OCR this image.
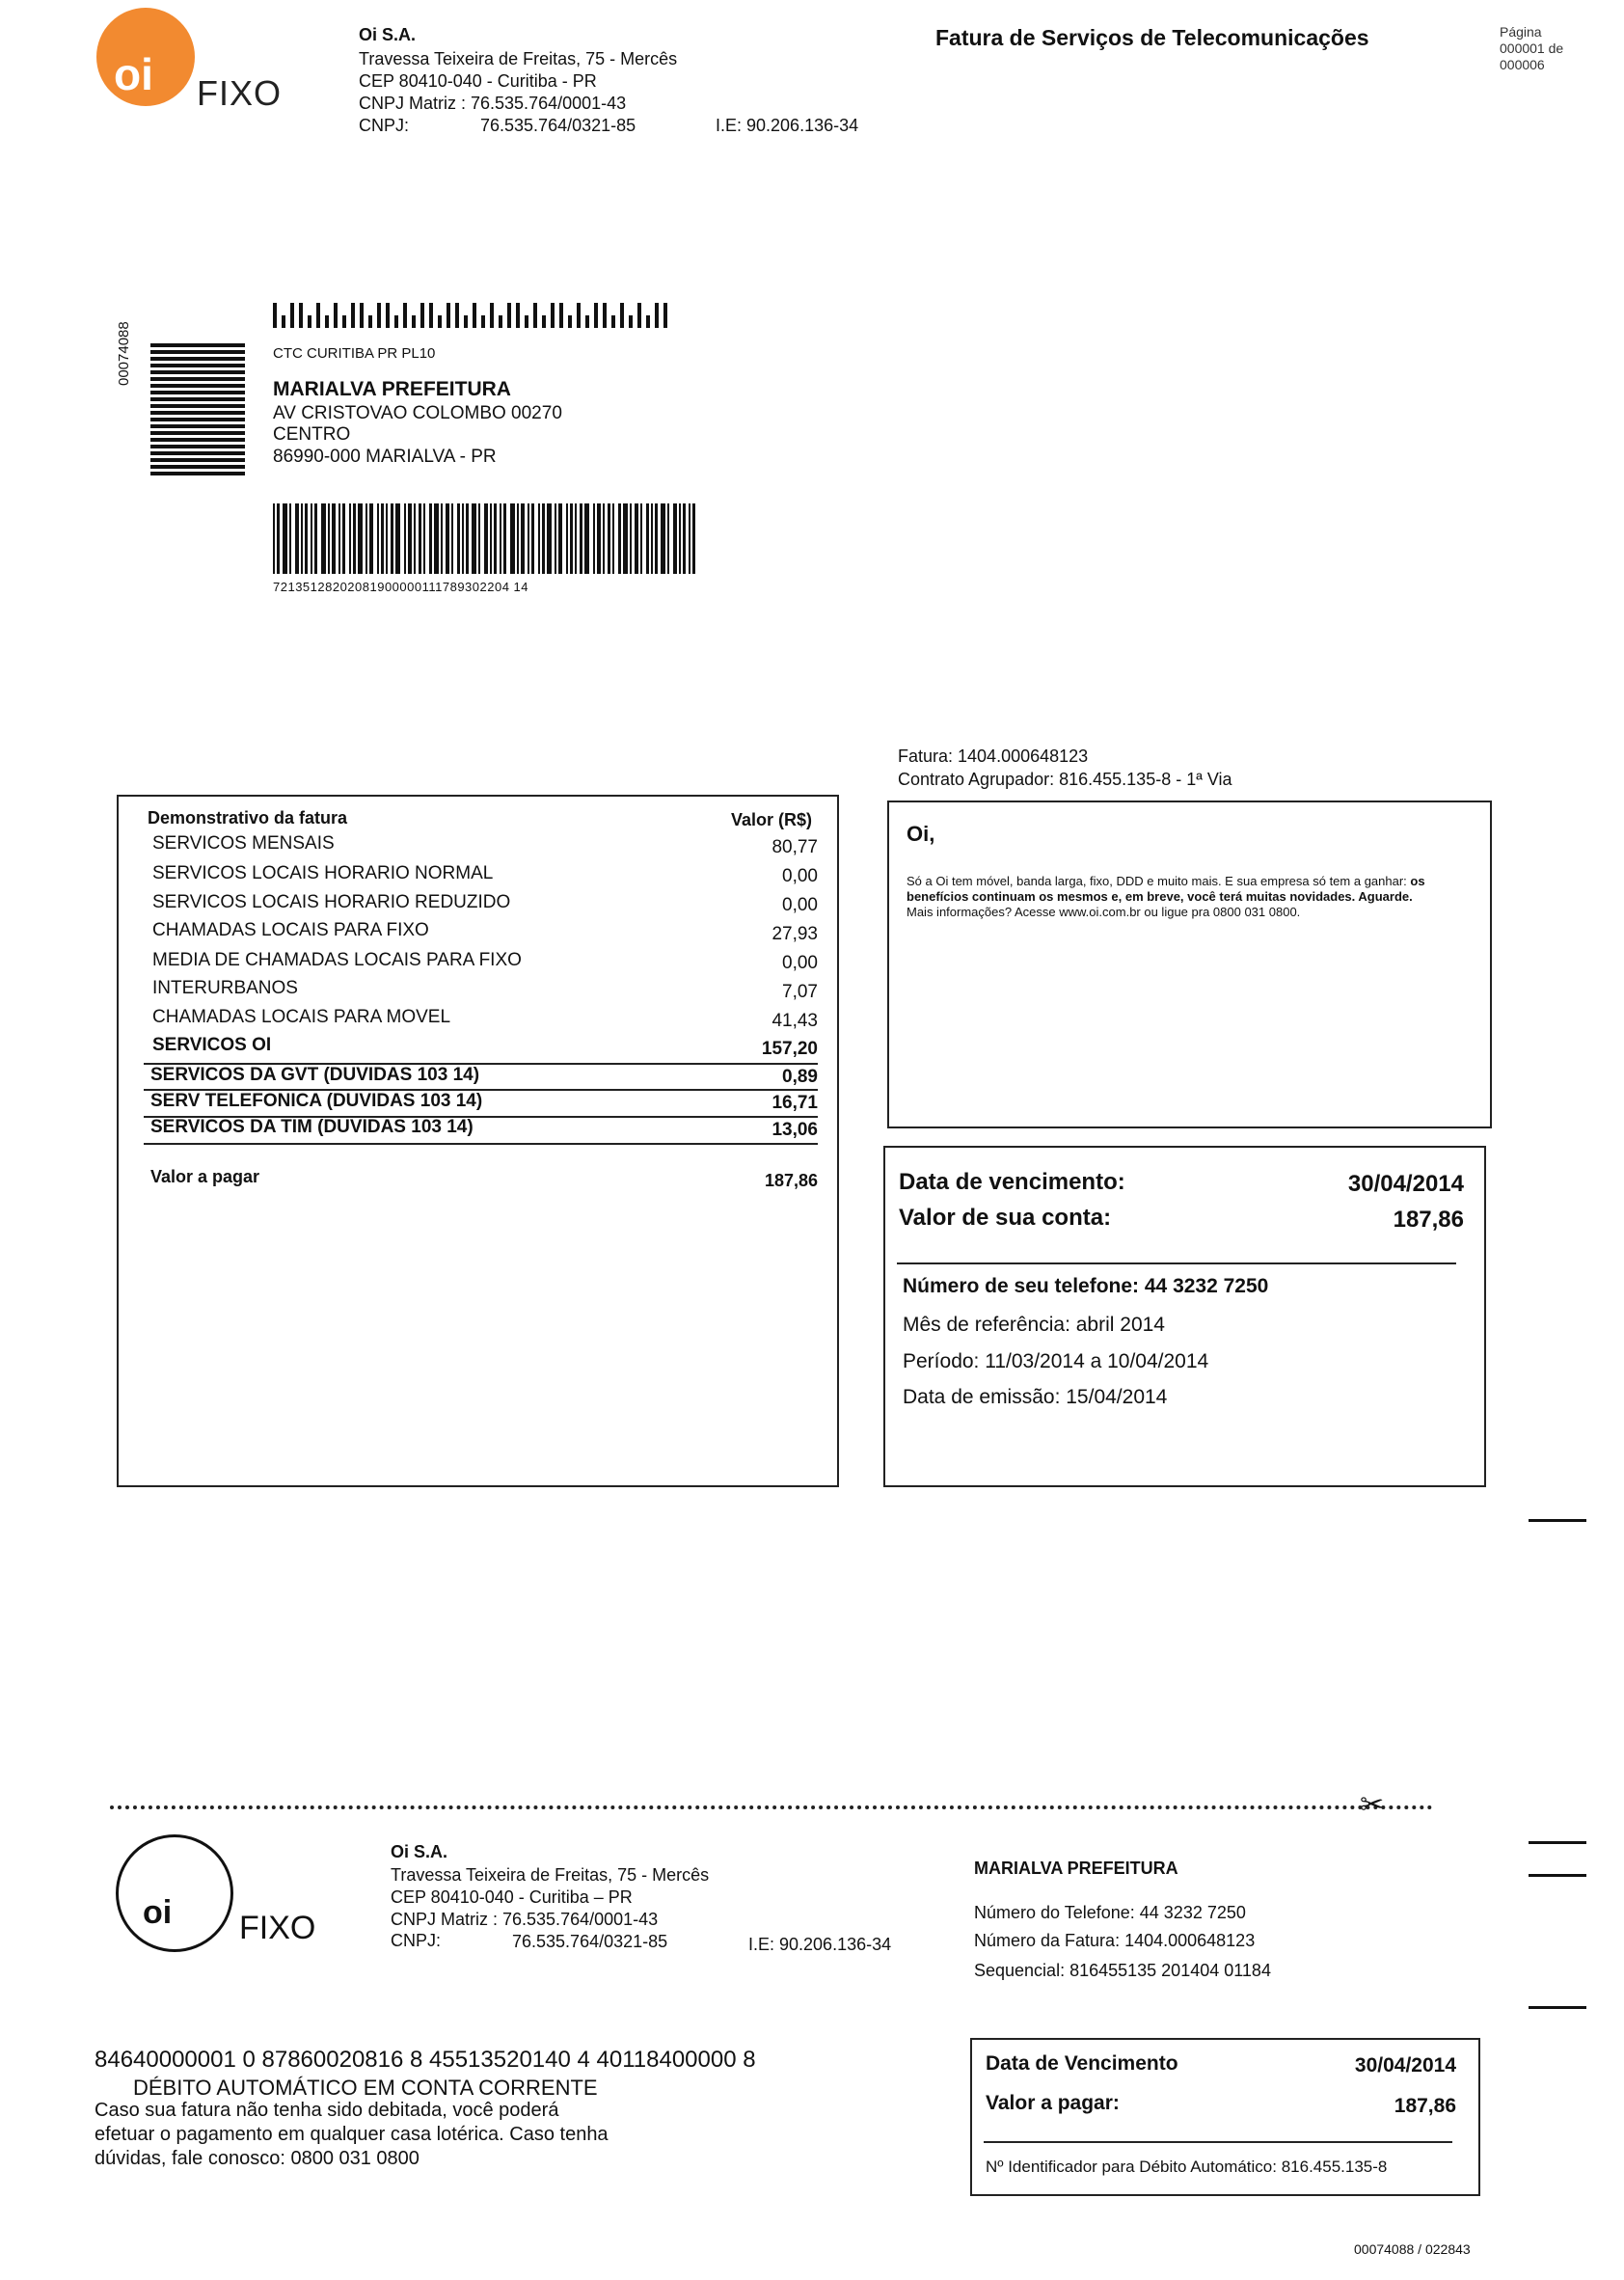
oi FIXO
Oi S.A.
Travessa Teixeira de Freitas, 75 - Mercês
CEP 80410-040 - Curitiba - PR
CNPJ Matriz : 76.535.764/0001-43
CNPJ:	76.535.764/0321-85	I.E: 90.206.136-34
Fatura de Serviços de Telecomunicações	Página
000001 de 000006
00074088	CTC CURITIBA PR PL10
MARIALVA PREFEITURA
AV CRISTOVAO COLOMBO 00270
CENTRO
86990-000 MARIALVA - PR
72135128202081900000111789302204 14
Fatura: 1404.000648123
Contrato Agrupador: 816.455.135-8 - 1ª Via
Demonstrativo da fatura	Valor (R$)
SERVICOS MENSAIS	80,77
SERVICOS LOCAIS HORARIO NORMAL	0,00
SERVICOS LOCAIS HORARIO REDUZIDO	0,00
CHAMADAS LOCAIS PARA FIXO	27,93
MEDIA DE CHAMADAS LOCAIS PARA FIXO	0,00
INTERURBANOS	7,07
CHAMADAS LOCAIS PARA MOVEL	41,43
SERVICOS OI	157,20
SERVICOS DA GVT (DUVIDAS 103 14)	0,89
SERV TELEFONICA (DUVIDAS 103 14)	16,71
SERVICOS DA TIM (DUVIDAS 103 14)	13,06
Valor a pagar	187,86
Oi,
Só a Oi tem móvel, banda larga, fixo, DDD e muito mais. E sua empresa só tem a ganhar: os benefícios continuam os mesmos e, em breve, você terá muitas novidades. Aguarde.
Mais informações? Acesse www.oi.com.br ou ligue pra 0800 031 0800.
Data de vencimento:	30/04/2014
Valor de sua conta:	187,86
Número de seu telefone: 44 3232 7250
Mês de referência: abril 2014
Período: 11/03/2014 a 10/04/2014
Data de emissão: 15/04/2014
✂
oi FIXO
Oi S.A.
Travessa Teixeira de Freitas, 75 - Mercês
CEP 80410-040 - Curitiba – PR
CNPJ Matriz : 76.535.764/0001-43
CNPJ:	76.535.764/0321-85	I.E: 90.206.136-34
MARIALVA PREFEITURA
Número do Telefone: 44 3232 7250
Número da Fatura: 1404.000648123
Sequencial: 816455135 201404 01184
84640000001 0 87860020816 8 45513520140 4 40118400000 8
DÉBITO AUTOMÁTICO EM CONTA CORRENTE
Caso sua fatura não tenha sido debitada, você poderá
efetuar o pagamento em qualquer casa lotérica. Caso tenha
dúvidas, fale conosco: 0800 031 0800
Data de Vencimento	30/04/2014
Valor a pagar:	187,86
Nº Identificador para Débito Automático: 816.455.135-8
00074088 / 022843
